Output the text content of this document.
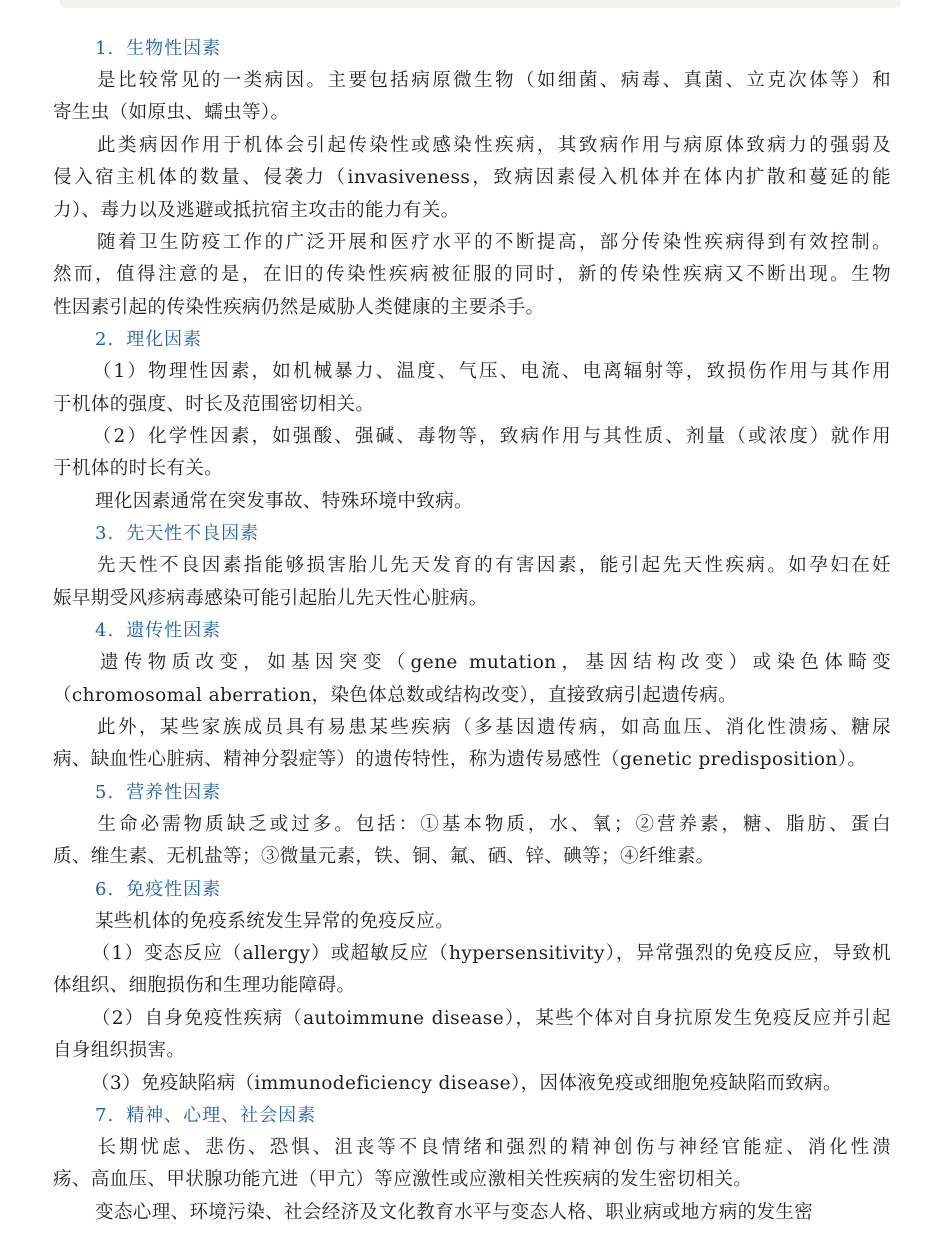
1. 生物性因素
是比较常见的一类病因。主要包括病原微生物（如细菌、病毒、真菌、立克次体等）和
寄生虫（如原虫、蠕虫等）。
此类病因作用于机体会引起传染性或感染性疾病，其致病作用与病原体致病力的强弱及
侵入宿主机体的数量、侵袭力（invasiveness，致病因素侵入机体并在体内扩散和蔓延的能
力）、毒力以及逃避或抵抗宿主攻击的能力有关。
随着卫生防疫工作的广泛开展和医疗水平的不断提高，部分传染性疾病得到有效控制。
然而，值得注意的是，在旧的传染性疾病被征服的同时，新的传染性疾病又不断出现。生物
性因素引起的传染性疾病仍然是威胁人类健康的主要杀手。
2. 理化因素
（1）物理性因素，如机械暴力、温度、气压、电流、电离辐射等，致损伤作用与其作用
于机体的强度、时长及范围密切相关。
（2）化学性因素，如强酸、强碱、毒物等，致病作用与其性质、剂量（或浓度）就作用
于机体的时长有关。
理化因素通常在突发事故、特殊环境中致病。
3. 先天性不良因素
先天性不良因素指能够损害胎儿先天发育的有害因素，能引起先天性疾病。如孕妇在妊
娠早期受风疹病毒感染可能引起胎儿先天性心脏病。
4. 遗传性因素
遗传物质改变，如基因突变（gene mutation，基因结构改变）或染色体畸变
（chromosomal aberration，染色体总数或结构改变），直接致病引起遗传病。
此外，某些家族成员具有易患某些疾病（多基因遗传病，如高血压、消化性溃疡、糖尿
病、缺血性心脏病、精神分裂症等）的遗传特性，称为遗传易感性（genetic predisposition）。
5. 营养性因素
生命必需物质缺乏或过多。包括：①基本物质，水、氧；②营养素，糖、脂肪、蛋白
质、维生素、无机盐等；③微量元素，铁、铜、氟、硒、锌、碘等；④纤维素。
6. 免疫性因素
某些机体的免疫系统发生异常的免疫反应。
（1）变态反应（allergy）或超敏反应（hypersensitivity），异常强烈的免疫反应，导致机
体组织、细胞损伤和生理功能障碍。
（2）自身免疫性疾病（autoimmune disease），某些个体对自身抗原发生免疫反应并引起
自身组织损害。
（3）免疫缺陷病（immunodeficiency disease），因体液免疫或细胞免疫缺陷而致病。
7. 精神、心理、社会因素
长期忧虑、悲伤、恐惧、沮丧等不良情绪和强烈的精神创伤与神经官能症、消化性溃
疡、高血压、甲状腺功能亢进（甲亢）等应激性或应激相关性疾病的发生密切相关。
变态心理、环境污染、社会经济及文化教育水平与变态人格、职业病或地方病的发生密
